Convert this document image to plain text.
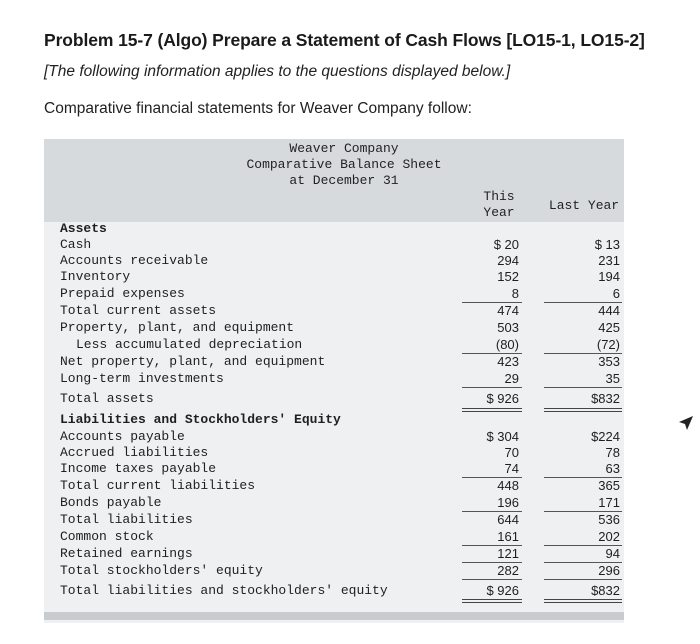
Problem 15-7 (Algo) Prepare a Statement of Cash Flows [LO15-1, LO15-2]
[The following information applies to the questions displayed below.]
Comparative financial statements for Weaver Company follow:
Weaver Company
Comparative Balance Sheet
at December 31
This
Year	Last Year
Assets
Cash	$ 20	$ 13
Accounts receivable	294	231
Inventory	152	194
Prepaid expenses	8	6
Total current assets	474	444
Property, plant, and equipment	503	425
Less accumulated depreciation	(80)	(72)
Net property, plant, and equipment	423	353
Long-term investments	29	35
Total assets	$ 926	$832
Liabilities and Stockholders' Equity
Accounts payable	$ 304	$224
Accrued liabilities	70	78
Income taxes payable	74	63
Total current liabilities	448	365
Bonds payable	196	171
Total liabilities	644	536
Common stock	161	202
Retained earnings	121	94
Total stockholders' equity	282	296
Total liabilities and stockholders' equity	$ 926	$832
